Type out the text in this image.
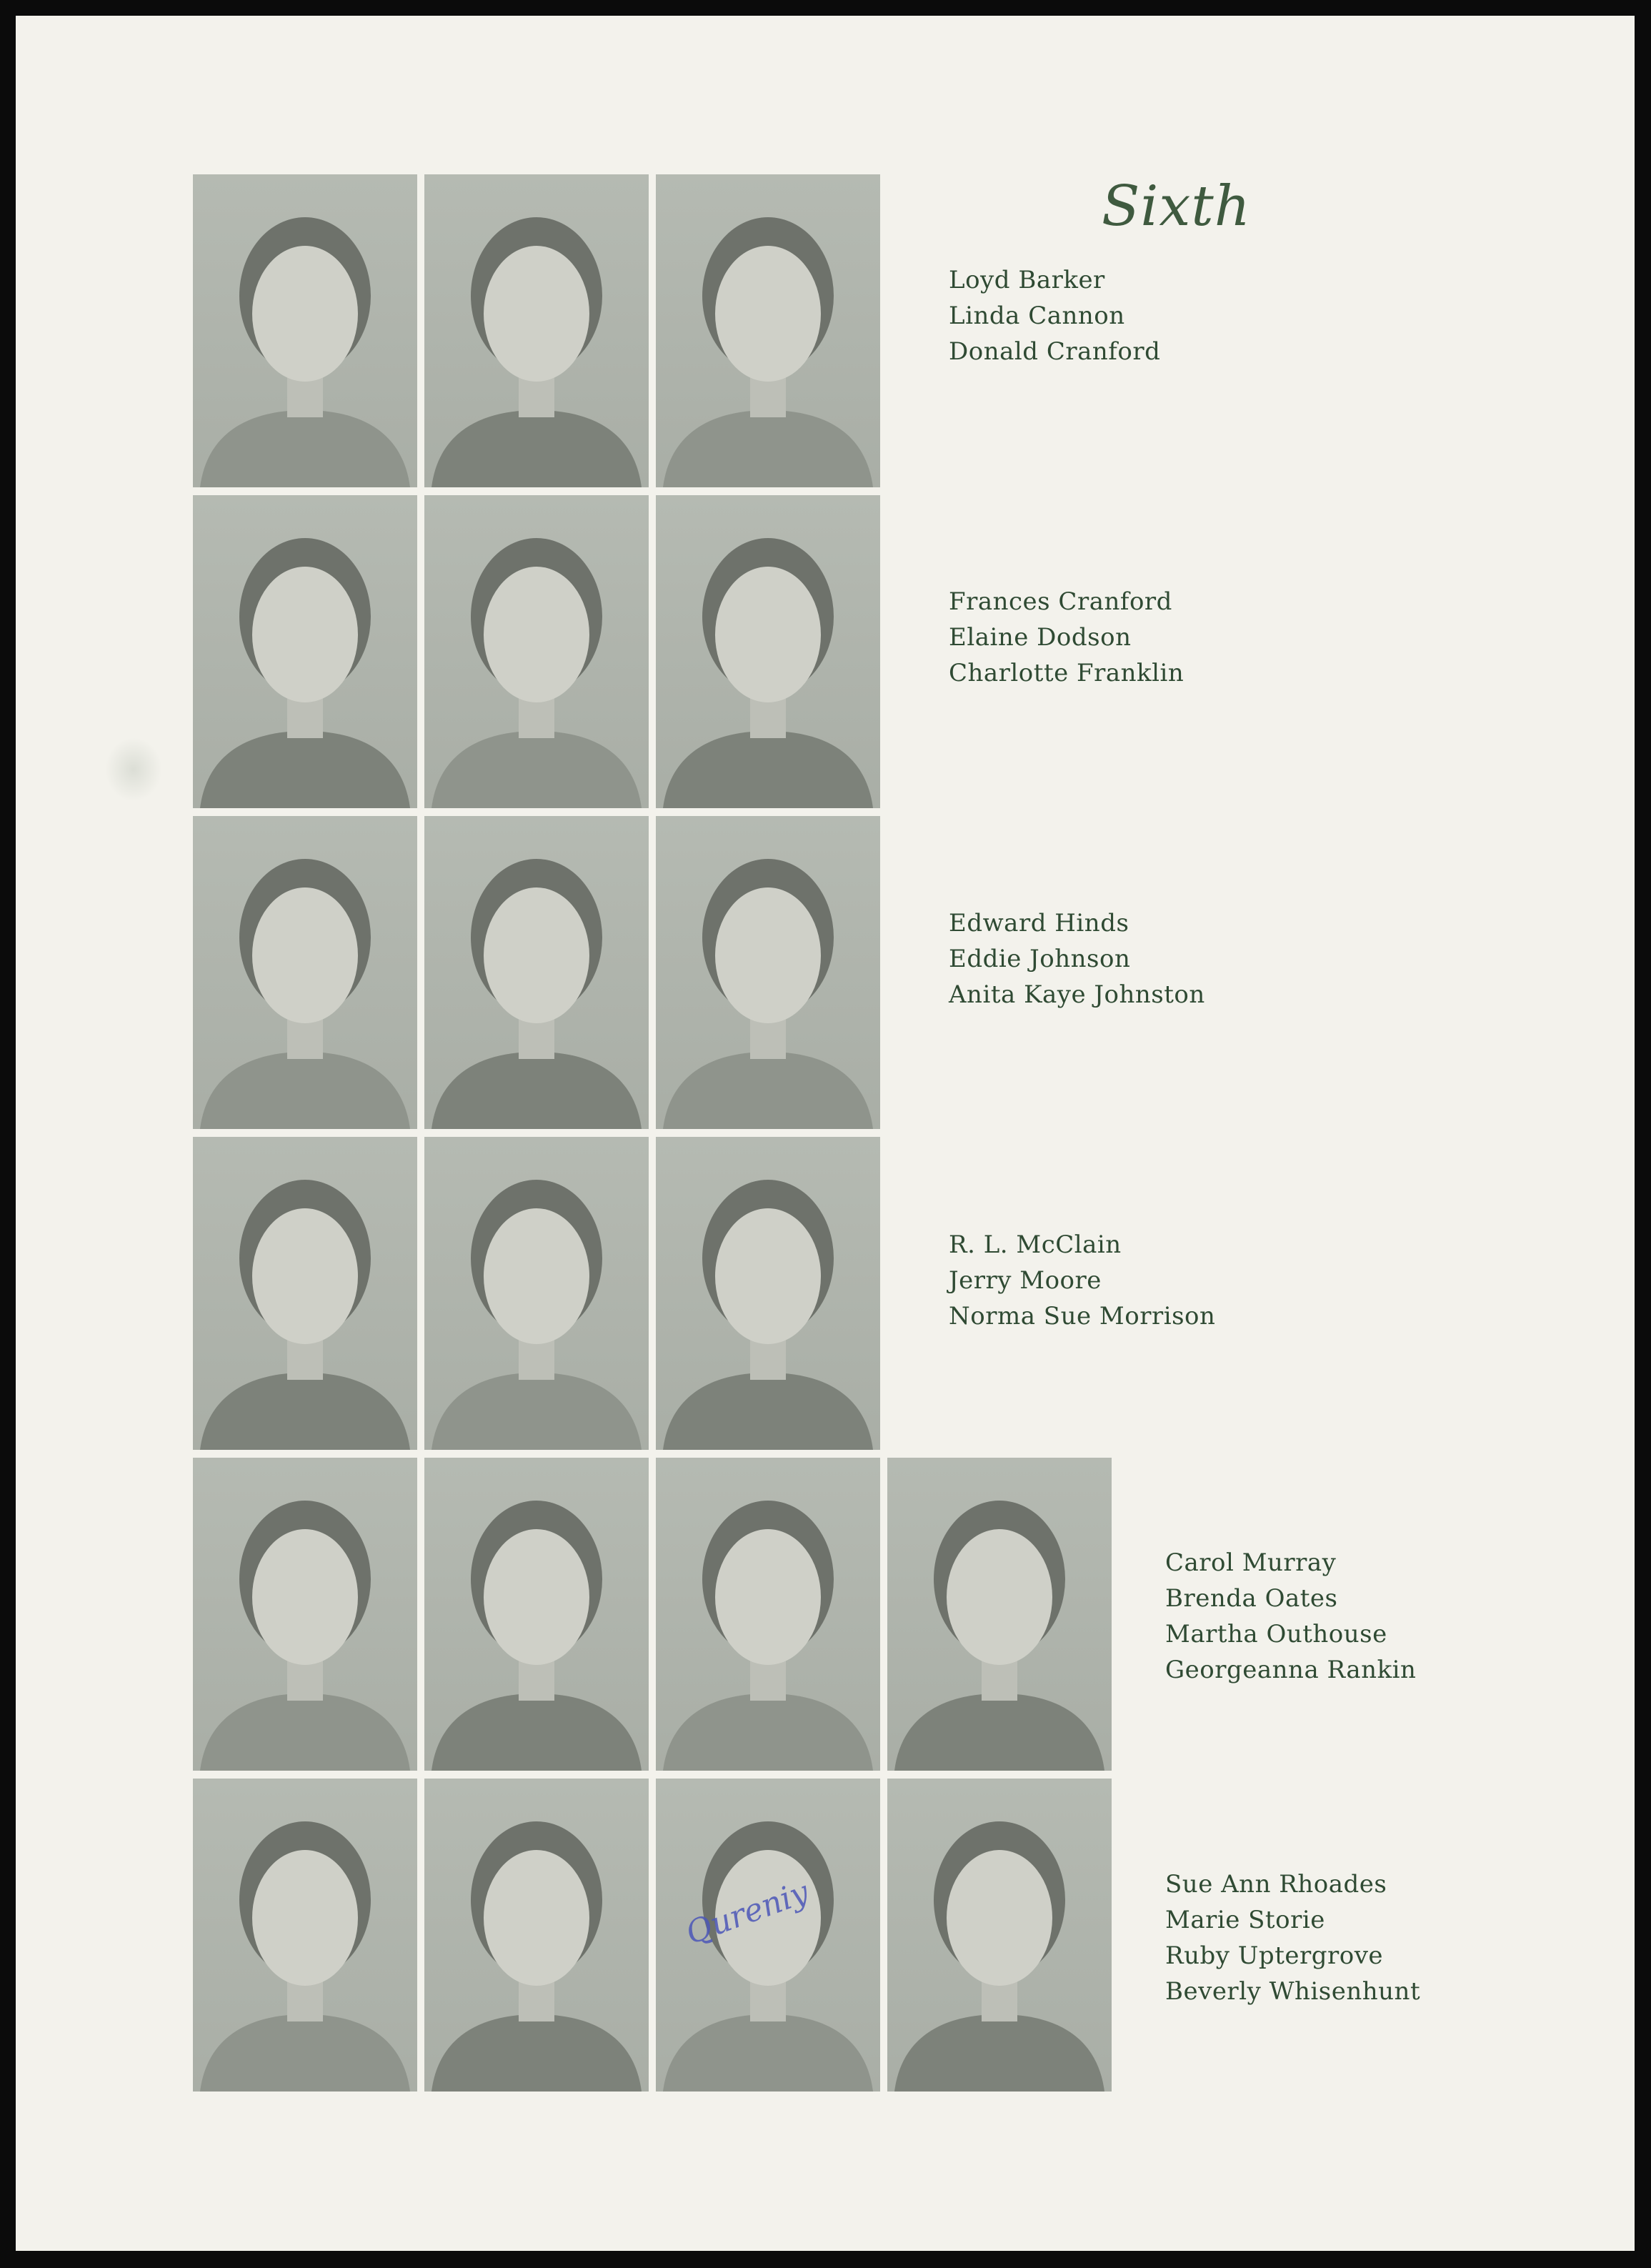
Sixth
Loyd Barker
Linda Cannon
Donald Cranford
Frances Cranford
Elaine Dodson
Charlotte Franklin
Edward Hinds
Eddie Johnson
Anita Kaye Johnston
R. L. McClain
Jerry Moore
Norma Sue Morrison
Carol Murray
Brenda Oates
Martha Outhouse
Georgeanna Rankin
Sue Ann Rhoades
Marie Storie
Ruby Uptergrove
Beverly Whisenhunt
Qureniy
